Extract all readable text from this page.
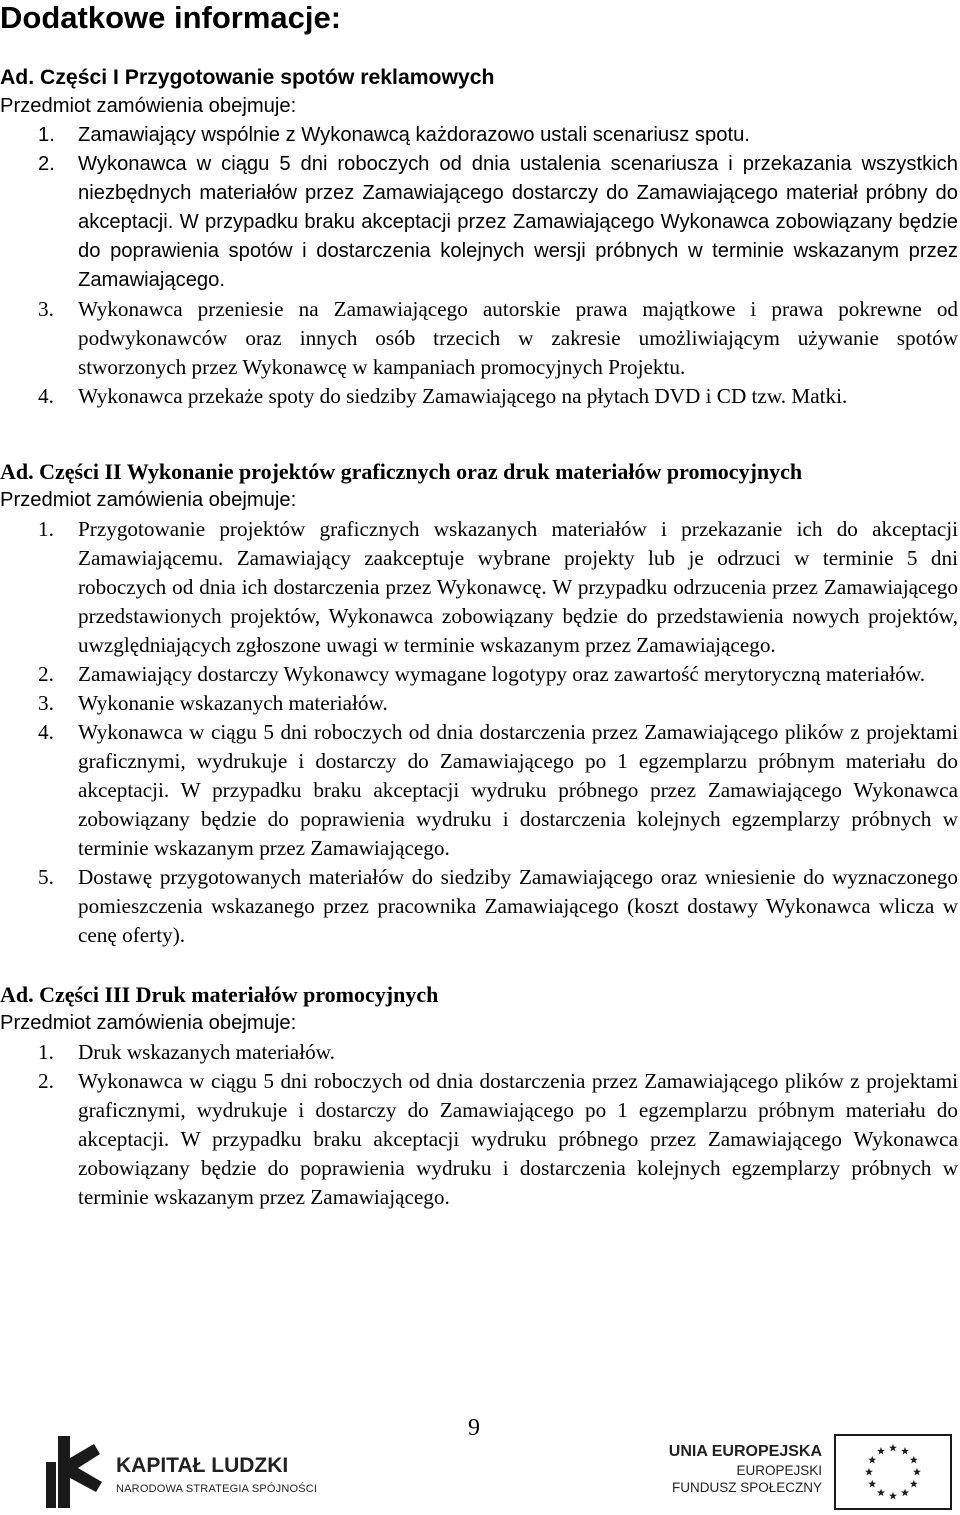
Dodatkowe informacje:
Ad. Części I Przygotowanie spotów reklamowych

Przedmiot zamówienia obejmuje:

1. Zamawiający wspólnie z Wykonawcą każdorazowo ustali scenariusz spotu.
2. Wykonawca w ciągu 5 dni roboczych od dnia ustalenia scenariusza i przekazania wszystkich niezbędnych materiałów przez Zamawiającego dostarczy do Zamawiającego materiał próbny do akceptacji. W przypadku braku akceptacji przez Zamawiającego Wykonawca zobowiązany będzie do poprawienia spotów i dostarczenia kolejnych wersji próbnych w terminie wskazanym przez Zamawiającego.
3. Wykonawca przeniesie na Zamawiającego autorskie prawa majątkowe i prawa pokrewne od podwykonawców oraz innych osób trzecich w zakresie umożliwiającym używanie spotów stworzonych przez Wykonawcę w kampaniach promocyjnych Projektu.
4. Wykonawca przekaże spoty do siedziby Zamawiającego na płytach DVD i CD tzw. Matki.
Ad. Części II Wykonanie projektów graficznych oraz druk materiałów promocyjnych

Przedmiot zamówienia obejmuje:

1. Przygotowanie projektów graficznych wskazanych materiałów i przekazanie ich do akceptacji Zamawiającemu. Zamawiający zaakceptuje wybrane projekty lub je odrzuci w terminie 5 dni roboczych od dnia ich dostarczenia przez Wykonawcę. W przypadku odrzucenia przez Zamawiającego przedstawionych projektów, Wykonawca zobowiązany będzie do przedstawienia nowych projektów, uwzględniających zgłoszone uwagi w terminie wskazanym przez Zamawiającego.
2. Zamawiający dostarczy Wykonawcy wymagane logotypy oraz zawartość merytoryczną materiałów.
3. Wykonanie wskazanych materiałów.
4. Wykonawca w ciągu 5 dni roboczych od dnia dostarczenia przez Zamawiającego plików z projektami graficznymi, wydrukuje i dostarczy do Zamawiającego po 1 egzemplarzu próbnym materiału do akceptacji. W przypadku braku akceptacji wydruku próbnego przez Zamawiającego Wykonawca zobowiązany będzie do poprawienia wydruku i dostarczenia kolejnych egzemplarzy próbnych w terminie wskazanym przez Zamawiającego.
5. Dostawę przygotowanych materiałów do siedziby Zamawiającego oraz wniesienie do wyznaczonego pomieszczenia wskazanego przez pracownika Zamawiającego (koszt dostawy Wykonawca wlicza w cenę oferty).
Ad. Części III Druk materiałów promocyjnych

Przedmiot zamówienia obejmuje:

1. Druk wskazanych materiałów.
2. Wykonawca w ciągu 5 dni roboczych od dnia dostarczenia przez Zamawiającego plików z projektami graficznymi, wydrukuje i dostarczy do Zamawiającego po 1 egzemplarzu próbnym materiału do akceptacji. W przypadku braku akceptacji wydruku próbnego przez Zamawiającego Wykonawca zobowiązany będzie do poprawienia wydruku i dostarczenia kolejnych egzemplarzy próbnych w terminie wskazanym przez Zamawiającego.

9

KAPITAŁ LUDZKI

NARODOWA STRATEGIA SPÓJNOŚCI

UNIA EUROPEJSKA
EUROPEJSKI
FUNDUSZ SPOŁECZNY
